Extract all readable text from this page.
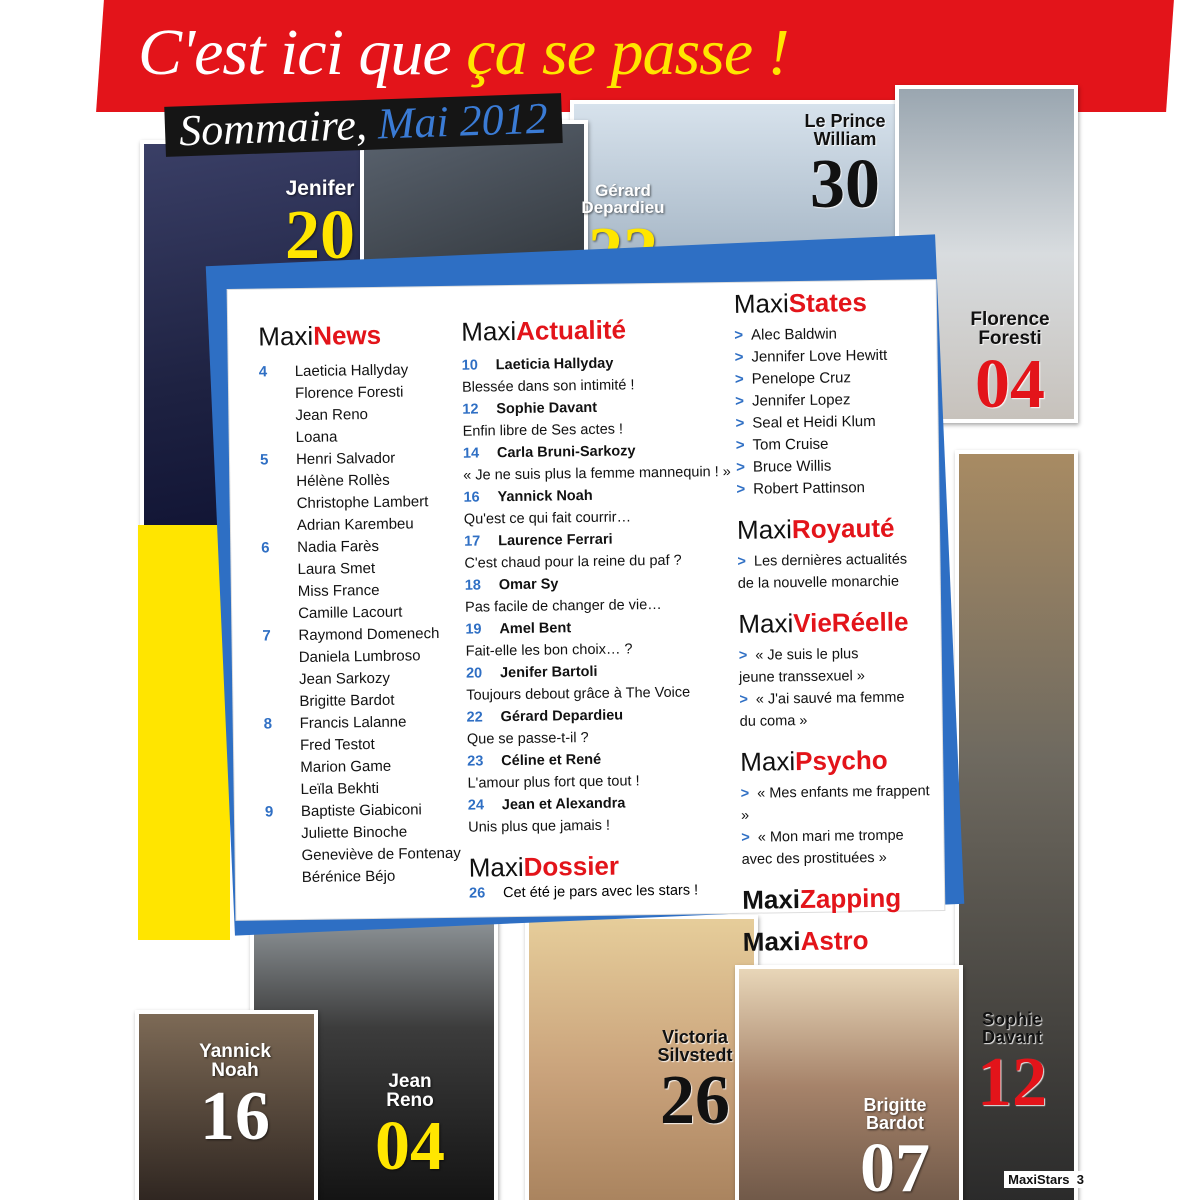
C'est ici que ça se passe !
Sommaire, Mai 2012
Jenifer
20
Gérard Depardieu
Le Prince William
30
Florence Foresti
04
Sophie Davant
12
Yannick Noah
16	Jean Reno
04
Victoria Silvstedt
26	Brigitte Bardot
07
MaxiNews
4 Laeticia Hallyday
Florence Foresti
Jean Reno
Loana
5 Henri Salvador
Hélène Rollès
Christophe Lambert
Adrian Karembeu
6 Nadia Farès
Laura Smet
Miss France
Camille Lacourt
7 Raymond Domenech
Daniela Lumbroso
Jean Sarkozy
Brigitte Bardot
8 Francis Lalanne
Fred Testot
Marion Game
Leïla Bekhti
9 Baptiste Giabiconi
Juliette Binoche
Geneviève de Fontenay
Bérénice Béjo
MaxiActualité
10 Laeticia Hallyday
Blessée dans son intimité !
12 Sophie Davant
Enfin libre de Ses actes !
14 Carla Bruni-Sarkozy
« Je ne suis plus la femme mannequin ! »
16 Yannick Noah
Qu'est ce qui fait courrir…
17 Laurence Ferrari
C'est chaud pour la reine du paf ?
18 Omar Sy
Pas facile de changer de vie…
19 Amel Bent
Fait-elle les bon choix… ?
20 Jenifer Bartoli
Toujours debout grâce à The Voice
22 Gérard Depardieu
Que se passe-t-il ?
23 Céline et René
L'amour plus fort que tout !
24 Jean et Alexandra
Unis plus que jamais !
MaxiDossier
26 Cet été je pars avec les stars !
MaxiStates
> Alec Baldwin
> Jennifer Love Hewitt
> Penelope Cruz
> Jennifer Lopez
> Seal et Heidi Klum
> Tom Cruise
> Bruce Willis
> Robert Pattinson
MaxiRoyauté
> Les dernières actualités
de la nouvelle monarchie
MaxiVieRéelle
> « Je suis le plus
jeune transsexuel »
> « J'ai sauvé ma femme
du coma »
MaxiPsycho
> « Mes enfants me frappent »
> « Mon mari me trompe
avec des prostituées »
MaxiZapping
MaxiAstro
MaxiStars 3
